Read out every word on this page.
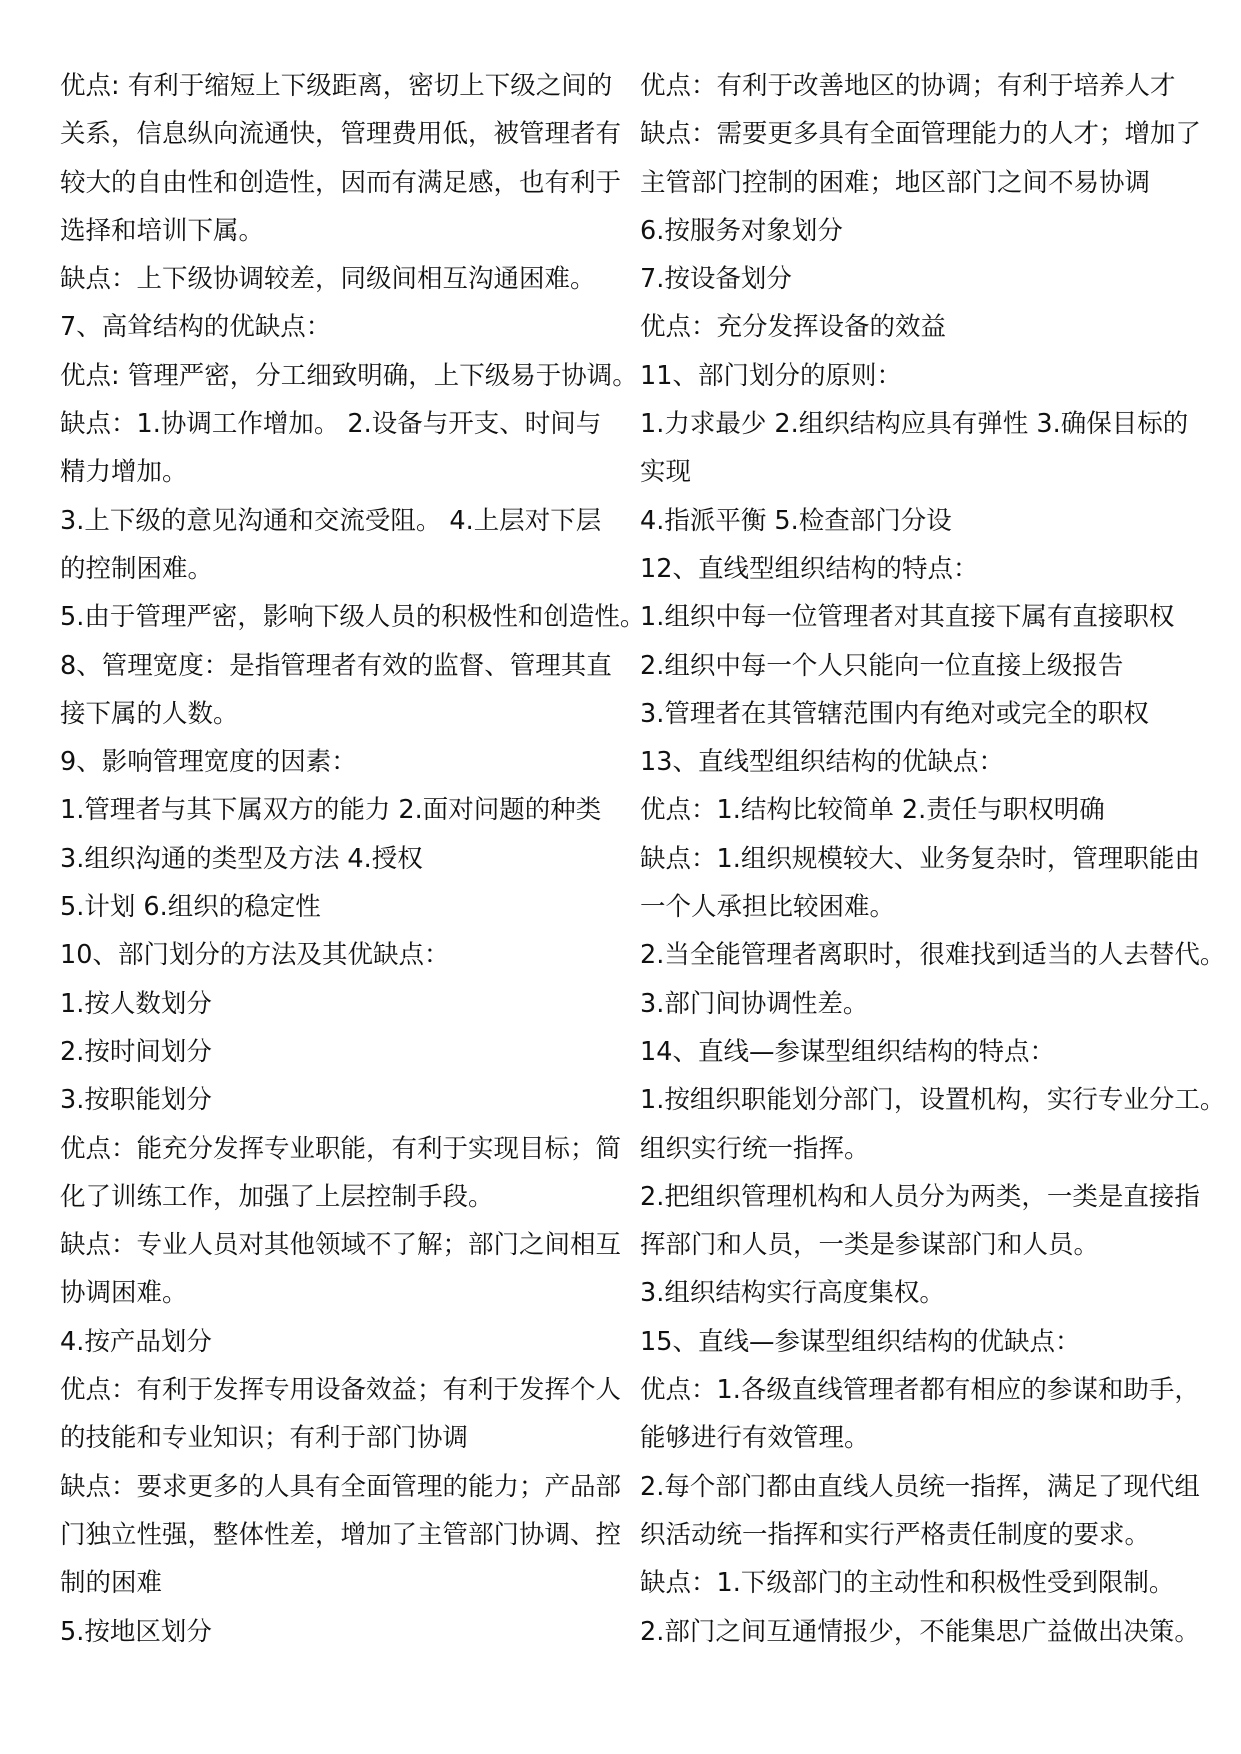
优点: 有利于缩短上下级距离，密切上下级之间的
关系，信息纵向流通快，管理费用低，被管理者有
较大的自由性和创造性，因而有满足感，也有利于
选择和培训下属。
缺点：上下级协调较差，同级间相互沟通困难。
7、高耸结构的优缺点：
优点: 管理严密，分工细致明确，上下级易于协调。
缺点：1.协调工作增加。 2.设备与开支、时间与
精力增加。
3.上下级的意见沟通和交流受阻。 4.上层对下层
的控制困难。
5.由于管理严密，影响下级人员的积极性和创造性。
8、管理宽度：是指管理者有效的监督、管理其直
接下属的人数。
9、影响管理宽度的因素：
1.管理者与其下属双方的能力 2.面对问题的种类
3.组织沟通的类型及方法 4.授权
5.计划 6.组织的稳定性
10、部门划分的方法及其优缺点：
1.按人数划分
2.按时间划分
3.按职能划分
优点：能充分发挥专业职能，有利于实现目标；简
化了训练工作，加强了上层控制手段。
缺点：专业人员对其他领域不了解；部门之间相互
协调困难。
4.按产品划分
优点：有利于发挥专用设备效益；有利于发挥个人
的技能和专业知识；有利于部门协调
缺点：要求更多的人具有全面管理的能力；产品部
门独立性强，整体性差，增加了主管部门协调、控
制的困难
5.按地区划分
优点：有利于改善地区的协调；有利于培养人才
缺点：需要更多具有全面管理能力的人才；增加了
主管部门控制的困难；地区部门之间不易协调
6.按服务对象划分
7.按设备划分
优点：充分发挥设备的效益
11、部门划分的原则：
1.力求最少 2.组织结构应具有弹性 3.确保目标的
实现
4.指派平衡 5.检查部门分设
12、直线型组织结构的特点：
1.组织中每一位管理者对其直接下属有直接职权
2.组织中每一个人只能向一位直接上级报告
3.管理者在其管辖范围内有绝对或完全的职权
13、直线型组织结构的优缺点：
优点：1.结构比较简单 2.责任与职权明确
缺点：1.组织规模较大、业务复杂时，管理职能由
一个人承担比较困难。
2.当全能管理者离职时，很难找到适当的人去替代。
3.部门间协调性差。
14、直线—参谋型组织结构的特点：
1.按组织职能划分部门，设置机构，实行专业分工。
组织实行统一指挥。
2.把组织管理机构和人员分为两类，一类是直接指
挥部门和人员，一类是参谋部门和人员。
3.组织结构实行高度集权。
15、直线—参谋型组织结构的优缺点：
优点：1.各级直线管理者都有相应的参谋和助手，
能够进行有效管理。
2.每个部门都由直线人员统一指挥，满足了现代组
织活动统一指挥和实行严格责任制度的要求。
缺点：1.下级部门的主动性和积极性受到限制。
2.部门之间互通情报少，不能集思广益做出决策。
